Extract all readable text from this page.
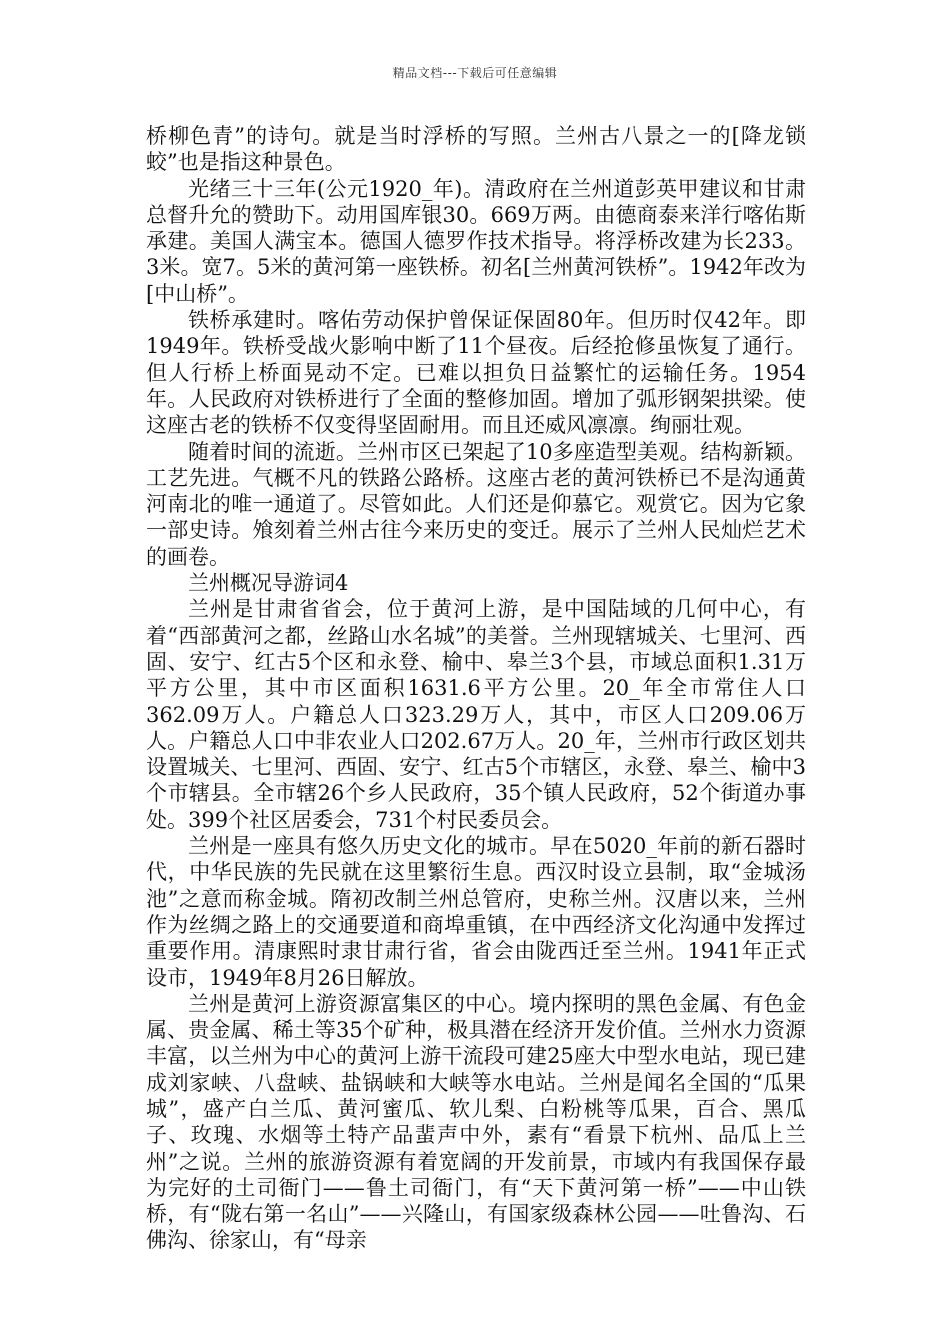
精品文档---下载后可任意编辑

桥柳色青”的诗句。就是当时浮桥的写照。兰州古八景之一的[降龙锁蛟”也是指这种景色。

光绪三十三年(公元1920_年)。清政府在兰州道彭英甲建议和甘肃总督升允的赞助下。动用国库银30。669万两。由德商泰来洋行喀佑斯承建。美国人满宝本。德国人德罗作技术指导。将浮桥改建为长233。3米。宽7。5米的黄河第一座铁桥。初名[兰州黄河铁桥”。1942年改为[中山桥”。

铁桥承建时。喀佑劳动保护曾保证保固80年。但历时仅42年。即1949年。铁桥受战火影响中断了11个昼夜。后经抢修虽恢复了通行。但人行桥上桥面晃动不定。已难以担负日益繁忙的运输任务。1954年。人民政府对铁桥进行了全面的整修加固。增加了弧形钢架拱梁。使这座古老的铁桥不仅变得坚固耐用。而且还威风凛凛。绚丽壮观。

随着时间的流逝。兰州市区已架起了10多座造型美观。结构新颖。工艺先进。气概不凡的铁路公路桥。这座古老的黄河铁桥已不是沟通黄河南北的唯一通道了。尽管如此。人们还是仰慕它。观赏它。因为它象一部史诗。飧刻着兰州古往今来历史的变迁。展示了兰州人民灿烂艺术的画卷。

兰州概况导游词4

兰州是甘肃省省会，位于黄河上游，是中国陆域的几何中心，有着“西部黄河之都，丝路山水名城”的美誉。兰州现辖城关、七里河、西固、安宁、红古5个区和永登、榆中、皋兰3个县，市域总面积1.31万平方公里，其中市区面积1631.6平方公里。20_年全市常住人口362.09万人。户籍总人口323.29万人，其中，市区人口209.06万人。户籍总人口中非农业人口202.67万人。20_年，兰州市行政区划共设置城关、七里河、西固、安宁、红古5个市辖区，永登、皋兰、榆中3个市辖县。全市辖26个乡人民政府，35个镇人民政府，52个街道办事处。399个社区居委会，731个村民委员会。

兰州是一座具有悠久历史文化的城市。早在5020_年前的新石器时代，中华民族的先民就在这里繁衍生息。西汉时设立县制，取“金城汤池”之意而称金城。隋初改制兰州总管府，史称兰州。汉唐以来，兰州作为丝绸之路上的交通要道和商埠重镇，在中西经济文化沟通中发挥过重要作用。清康熙时隶甘肃行省，省会由陇西迁至兰州。1941年正式设市，1949年8月26日解放。

兰州是黄河上游资源富集区的中心。境内探明的黑色金属、有色金属、贵金属、稀土等35个矿种，极具潜在经济开发价值。兰州水力资源丰富，以兰州为中心的黄河上游干流段可建25座大中型水电站，现已建成刘家峡、八盘峡、盐锅峡和大峡等水电站。兰州是闻名全国的“瓜果城”，盛产白兰瓜、黄河蜜瓜、软儿梨、白粉桃等瓜果，百合、黑瓜子、玫瑰、水烟等土特产品蜚声中外，素有“看景下杭州、品瓜上兰州”之说。兰州的旅游资源有着宽阔的开发前景，市域内有我国保存最为完好的土司衙门——鲁土司衙门，有“天下黄河第一桥”——中山铁桥，有“陇右第一名山”——兴隆山，有国家级森林公园——吐鲁沟、石佛沟、徐家山，有“母亲
